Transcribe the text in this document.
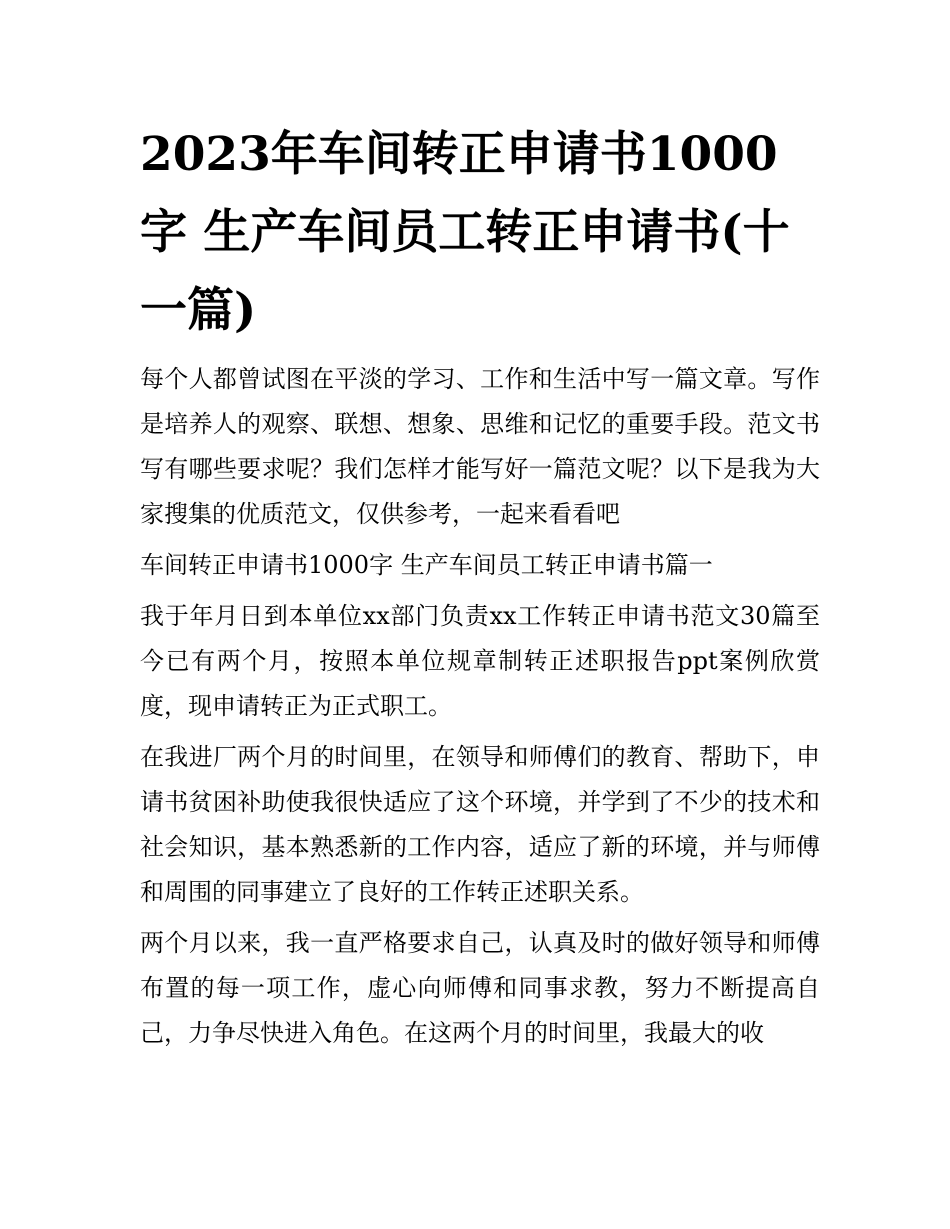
2023年车间转正申请书1000字 生产车间员工转正申请书(十一篇)

每个人都曾试图在平淡的学习、工作和生活中写一篇文章。写作是培养人的观察、联想、想象、思维和记忆的重要手段。范文书写有哪些要求呢？我们怎样才能写好一篇范文呢？以下是我为大家搜集的优质范文，仅供参考，一起来看看吧

车间转正申请书1000字 生产车间员工转正申请书篇一

我于年月日到本单位xx部门负责xx工作转正申请书范文30篇至今已有两个月，按照本单位规章制转正述职报告ppt案例欣赏度，现申请转正为正式职工。

在我进厂两个月的时间里，在领导和师傅们的教育、帮助下，申请书贫困补助使我很快适应了这个环境，并学到了不少的技术和社会知识，基本熟悉新的工作内容，适应了新的环境，并与师傅和周围的同事建立了良好的工作转正述职关系。

两个月以来，我一直严格要求自己，认真及时的做好领导和师傅布置的每一项工作，虚心向师傅和同事求教，努力不断提高自己，力争尽快进入角色。在这两个月的时间里，我最大的收
